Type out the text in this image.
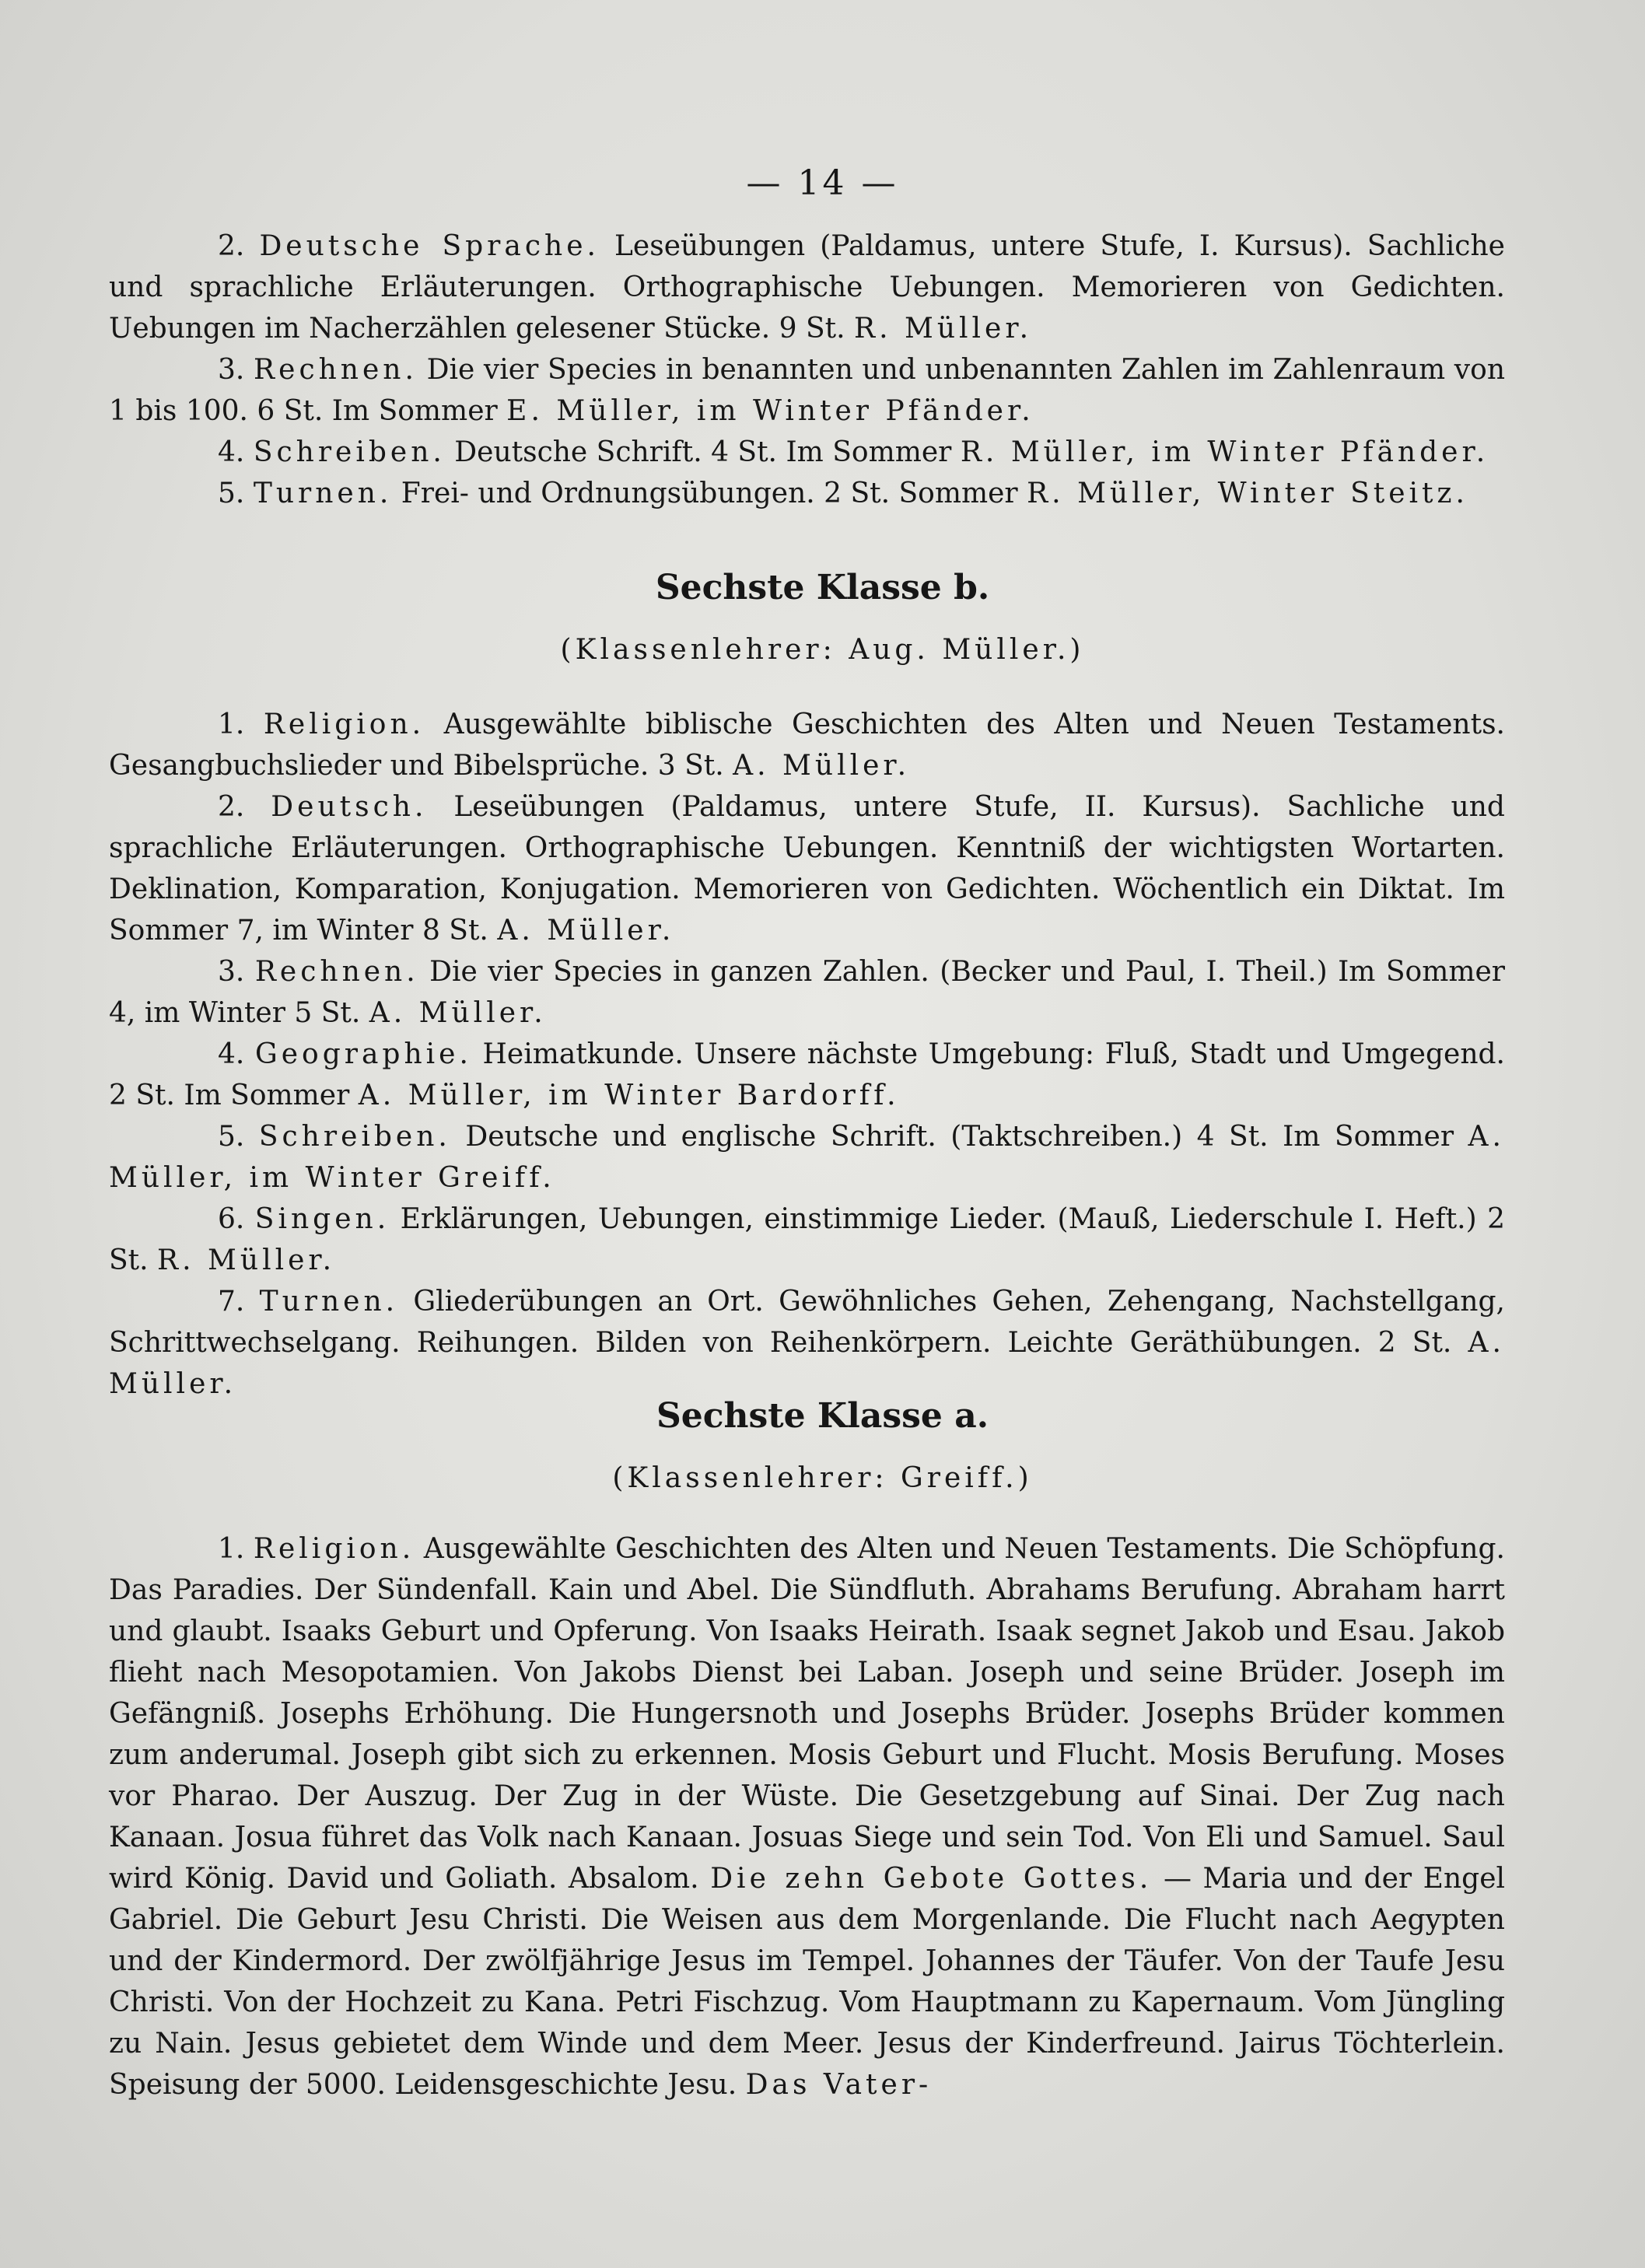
— 14 —

2. Deutsche Sprache. Leseübungen (Paldamus, untere Stufe, I. Kursus). Sachliche und sprachliche Erläuterungen. Orthographische Uebungen. Memorieren von Gedichten. Uebungen im Nacherzählen gelesener Stücke. 9 St. R. Müller.

3. Rechnen. Die vier Species in benannten und unbenannten Zahlen im Zahlenraum von 1 bis 100. 6 St. Im Sommer E. Müller, im Winter Pfänder.

4. Schreiben. Deutsche Schrift. 4 St. Im Sommer R. Müller, im Winter Pfänder.

5. Turnen. Frei- und Ordnungsübungen. 2 St. Sommer R. Müller, Winter Steitz.

Sechste Klasse b.
(Klassenlehrer: Aug. Müller.)

1. Religion. Ausgewählte biblische Geschichten des Alten und Neuen Testaments. Gesangbuchslieder und Bibelsprüche. 3 St. A. Müller.

2. Deutsch. Leseübungen (Paldamus, untere Stufe, II. Kursus). Sachliche und sprachliche Erläuterungen. Orthographische Uebungen. Kenntniß der wichtigsten Wortarten. Deklination, Komparation, Konjugation. Memorieren von Gedichten. Wöchentlich ein Diktat. Im Sommer 7, im Winter 8 St. A. Müller.

3. Rechnen. Die vier Species in ganzen Zahlen. (Becker und Paul, I. Theil.) Im Sommer 4, im Winter 5 St. A. Müller.

4. Geographie. Heimatkunde. Unsere nächste Umgebung: Fluß, Stadt und Umgegend. 2 St. Im Sommer A. Müller, im Winter Bardorff.

5. Schreiben. Deutsche und englische Schrift. (Taktschreiben.) 4 St. Im Sommer A. Müller, im Winter Greiff.

6. Singen. Erklärungen, Uebungen, einstimmige Lieder. (Mauß, Liederschule I. Heft.) 2 St. R. Müller.

7. Turnen. Gliederübungen an Ort. Gewöhnliches Gehen, Zehengang, Nachstellgang, Schrittwechselgang. Reihungen. Bilden von Reihenkörpern. Leichte Geräthübungen. 2 St. A. Müller.

Sechste Klasse a.
(Klassenlehrer: Greiff.)

1. Religion. Ausgewählte Geschichten des Alten und Neuen Testaments. Die Schöpfung. Das Paradies. Der Sündenfall. Kain und Abel. Die Sündfluth. Abrahams Berufung. Abraham harrt und glaubt. Isaaks Geburt und Opferung. Von Isaaks Heirath. Isaak segnet Jakob und Esau. Jakob flieht nach Mesopotamien. Von Jakobs Dienst bei Laban. Joseph und seine Brüder. Joseph im Gefängniß. Josephs Erhöhung. Die Hungersnoth und Josephs Brüder. Josephs Brüder kommen zum anderumal. Joseph gibt sich zu erkennen. Mosis Geburt und Flucht. Mosis Berufung. Moses vor Pharao. Der Auszug. Der Zug in der Wüste. Die Gesetzgebung auf Sinai. Der Zug nach Kanaan. Josua führet das Volk nach Kanaan. Josuas Siege und sein Tod. Von Eli und Samuel. Saul wird König. David und Goliath. Absalom. Die zehn Gebote Gottes. — Maria und der Engel Gabriel. Die Geburt Jesu Christi. Die Weisen aus dem Morgenlande. Die Flucht nach Aegypten und der Kindermord. Der zwölfjährige Jesus im Tempel. Johannes der Täufer. Von der Taufe Jesu Christi. Von der Hochzeit zu Kana. Petri Fischzug. Vom Hauptmann zu Kapernaum. Vom Jüngling zu Nain. Jesus gebietet dem Winde und dem Meer. Jesus der Kinderfreund. Jairus Töchterlein. Speisung der 5000. Leidensgeschichte Jesu. Das Vater-
